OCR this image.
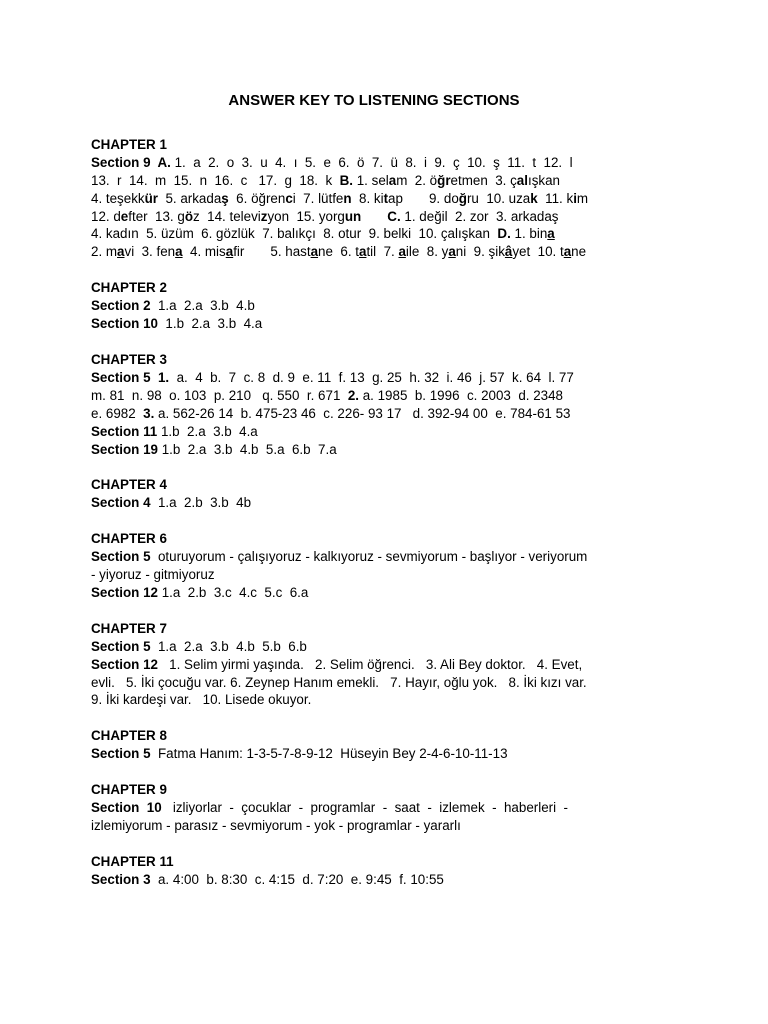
ANSWER KEY TO LISTENING SECTIONS
CHAPTER 1
Section 9  A. 1.  a  2.  o  3.  u  4.  ı  5.  e  6.  ö  7.  ü  8.  i  9.  ç  10.  ş  11.  t  12.  l
13.  r  14.  m  15.  n  16.  c   17.  g  18.  k  B. 1. selam  2. öğretmen  3. çalışkan
4. teşekkür  5. arkadaş  6. öğrenci  7. lütfen  8. kitap       9. doğru  10. uzak  11. kim
12. defter  13. göz  14. televizyon  15. yorgun C. 1. değil  2. zor  3. arkadaş
4. kadın  5. üzüm  6. gözlük  7. balıkçı  8. otur  9. belki  10. çalışkan  D. 1. bina
2. mavi  3. fena  4. misafir       5. hastane  6. tatil  7. aile  8. yani  9. şikâyet  10. tane
CHAPTER 2
Section 2  1.a  2.a  3.b  4.b
Section 10  1.b  2.a  3.b  4.a
CHAPTER 3
Section 5  1.  a.  4  b.  7  c. 8  d. 9  e. 11  f. 13  g. 25  h. 32  i. 46  j. 57  k. 64  l. 77
m. 81  n. 98  o. 103  p. 210   q. 550  r. 671  2. a. 1985  b. 1996  c. 2003  d. 2348
e. 6982  3. a. 562-26 14  b. 475-23 46  c. 226- 93 17   d. 392-94 00  e. 784-61 53
Section 11 1.b  2.a  3.b  4.a
Section 19 1.b  2.a  3.b  4.b  5.a  6.b  7.a
CHAPTER 4
Section 4  1.a  2.b  3.b  4b
CHAPTER 6
Section 5  oturuyorum - çalışıyoruz - kalkıyoruz - sevmiyorum - başlıyor - veriyorum
- yiyoruz - gitmiyoruz
Section 12 1.a  2.b  3.c  4.c  5.c  6.a
CHAPTER 7
Section 5  1.a  2.a  3.b  4.b  5.b  6.b
Section 12   1. Selim yirmi yaşında.   2. Selim öğrenci.   3. Ali Bey doktor.   4. Evet,
evli.   5. İki çocuğu var. 6. Zeynep Hanım emekli.   7. Hayır, oğlu yok.   8. İki kızı var.
9. İki kardeşi var.   10. Lisede okuyor.
CHAPTER 8
Section 5  Fatma Hanım: 1-3-5-7-8-9-12  Hüseyin Bey 2-4-6-10-11-13
CHAPTER 9
Section  10   izliyorlar  -  çocuklar  -  programlar  -  saat  -  izlemek  -  haberleri  -
izlemiyorum - parasız - sevmiyorum - yok - programlar - yararlı
CHAPTER 11
Section 3  a. 4:00  b. 8:30  c. 4:15  d. 7:20  e. 9:45  f. 10:55
